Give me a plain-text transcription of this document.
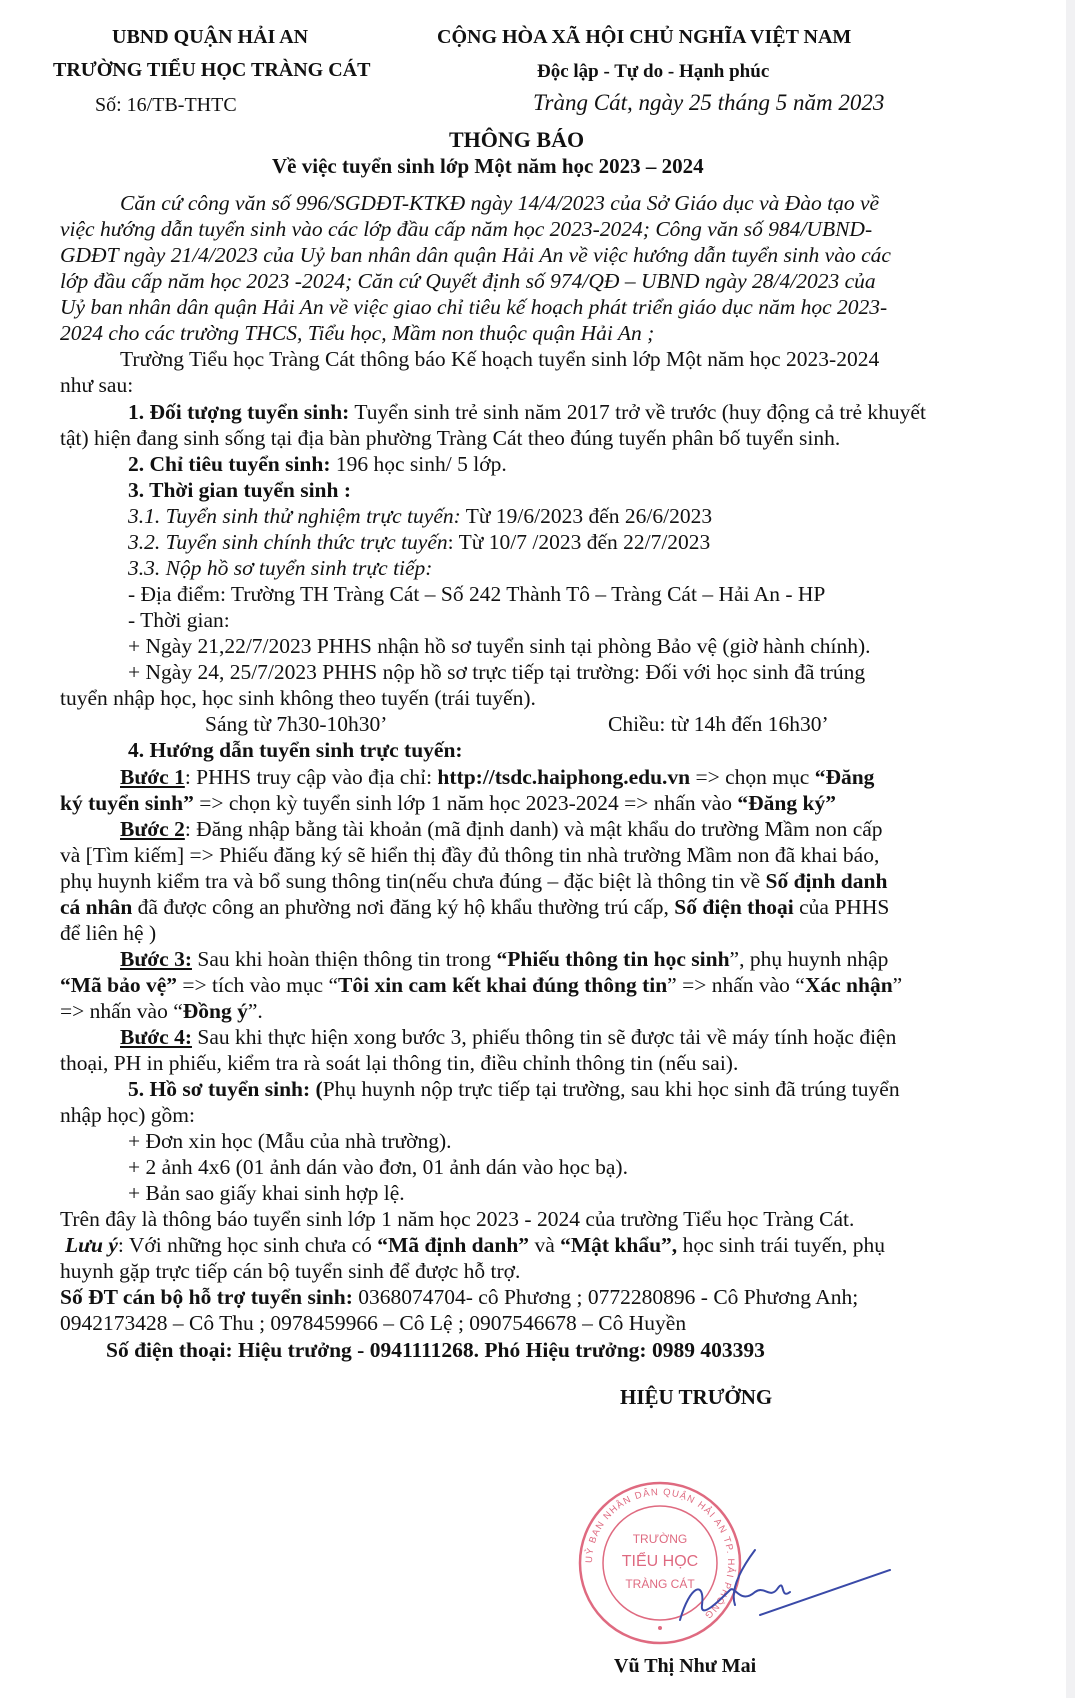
UBND QUẬN HẢI AN
TRƯỜNG TIỂU HỌC TRÀNG CÁT
Số: 16/TB-THTC
CỘNG HÒA XÃ HỘI CHỦ NGHĨA VIỆT NAM
Độc lập - Tự do - Hạnh phúc
Tràng Cát, ngày 25 tháng 5 năm 2023
THÔNG BÁO
Về việc tuyển sinh lớp Một năm học 2023 – 2024
Căn cứ công văn số 996/SGDĐT-KTKĐ ngày 14/4/2023 của Sở Giáo dục và Đào tạo về
việc hướng dẫn tuyển sinh vào các lớp đầu cấp năm học 2023-2024; Công văn số 984/UBND-
GDĐT ngày 21/4/2023 của Uỷ ban nhân dân quận Hải An về việc hướng dẫn tuyển sinh vào các
lớp đầu cấp năm học 2023 -2024; Căn cứ Quyết định số 974/QĐ – UBND ngày 28/4/2023 của
Uỷ ban nhân dân quận Hải An về việc giao chỉ tiêu kế hoạch phát triển giáo dục năm học 2023-
2024 cho các trường THCS, Tiểu học, Mầm non thuộc quận Hải An ;
Trường Tiểu học Tràng Cát thông báo Kế hoạch tuyển sinh lớp Một năm học 2023-2024
như sau:
1. Đối tượng tuyển sinh: Tuyển sinh trẻ sinh năm 2017 trở về trước (huy động cả trẻ khuyết
tật) hiện đang sinh sống tại địa bàn phường Tràng Cát theo đúng tuyến phân bố tuyển sinh.
2. Chỉ tiêu tuyển sinh: 196 học sinh/ 5 lớp.
3. Thời gian tuyển sinh :
3.1. Tuyển sinh thử nghiệm trực tuyến: Từ 19/6/2023 đến 26/6/2023
3.2. Tuyển sinh chính thức trực tuyến: Từ 10/7 /2023 đến 22/7/2023
3.3. Nộp hồ sơ tuyển sinh trực tiếp:
- Địa điểm: Trường TH Tràng Cát – Số 242 Thành Tô – Tràng Cát – Hải An - HP
- Thời gian:
+ Ngày 21,22/7/2023 PHHS nhận hồ sơ tuyển sinh tại phòng Bảo vệ (giờ hành chính).
+ Ngày 24, 25/7/2023 PHHS nộp hồ sơ trực tiếp tại trường: Đối với học sinh đã trúng
tuyển nhập học, học sinh không theo tuyến (trái tuyến).
Sáng từ 7h30-10h30’	Chiều: từ 14h đến 16h30’
4. Hướng dẫn tuyển sinh trực tuyến:
Bước 1: PHHS truy cập vào địa chỉ: http://tsdc.haiphong.edu.vn => chọn mục “Đăng
ký tuyển sinh” => chọn kỳ tuyển sinh lớp 1 năm học 2023-2024 => nhấn vào “Đăng ký”
Bước 2: Đăng nhập bằng tài khoản (mã định danh) và mật khẩu do trường Mầm non cấp
và [Tìm kiếm] => Phiếu đăng ký sẽ hiển thị đầy đủ thông tin nhà trường Mầm non đã khai báo,
phụ huynh kiểm tra và bổ sung thông tin(nếu chưa đúng – đặc biệt là thông tin về Số định danh
cá nhân đã được công an phường nơi đăng ký hộ khẩu thường trú cấp, Số điện thoại của PHHS
để liên hệ )
Bước 3: Sau khi hoàn thiện thông tin trong “Phiếu thông tin học sinh”, phụ huynh nhập
“Mã bảo vệ” => tích vào mục “Tôi xin cam kết khai đúng thông tin” => nhấn vào “Xác nhận”
=> nhấn vào “Đồng ý”.
Bước 4: Sau khi thực hiện xong bước 3, phiếu thông tin sẽ được tải về máy tính hoặc điện
thoại, PH in phiếu, kiểm tra rà soát lại thông tin, điều chỉnh thông tin (nếu sai).
5. Hồ sơ tuyển sinh: (Phụ huynh nộp trực tiếp tại trường, sau khi học sinh đã trúng tuyển
nhập học) gồm:
+ Đơn xin học (Mẫu của nhà trường).
+ 2 ảnh 4x6 (01 ảnh dán vào đơn, 01 ảnh dán vào học bạ).
+ Bản sao giấy khai sinh hợp lệ.
Trên đây là thông báo tuyển sinh lớp 1 năm học 2023 - 2024 của trường Tiểu học Tràng Cát.
Lưu ý: Với những học sinh chưa có “Mã định danh” và “Mật khẩu”, học sinh trái tuyến, phụ
huynh gặp trực tiếp cán bộ tuyển sinh để được hỗ trợ.
Số ĐT cán bộ hỗ trợ tuyển sinh: 0368074704- cô Phương ; 0772280896 - Cô Phương Anh;
0942173428 – Cô Thu ; 0978459966 – Cô Lệ ; 0907546678 – Cô Huyền
Số điện thoại: Hiệu trưởng - 0941111268. Phó Hiệu trưởng: 0989 403393
UỶ BAN NHÂN DÂN QUẬN HẢI AN TP. HẢI PHÒNG
TRƯỜNG
TIỂU HỌC
TRÀNG CÁT
HIỆU TRƯỞNG
Vũ Thị Như Mai
